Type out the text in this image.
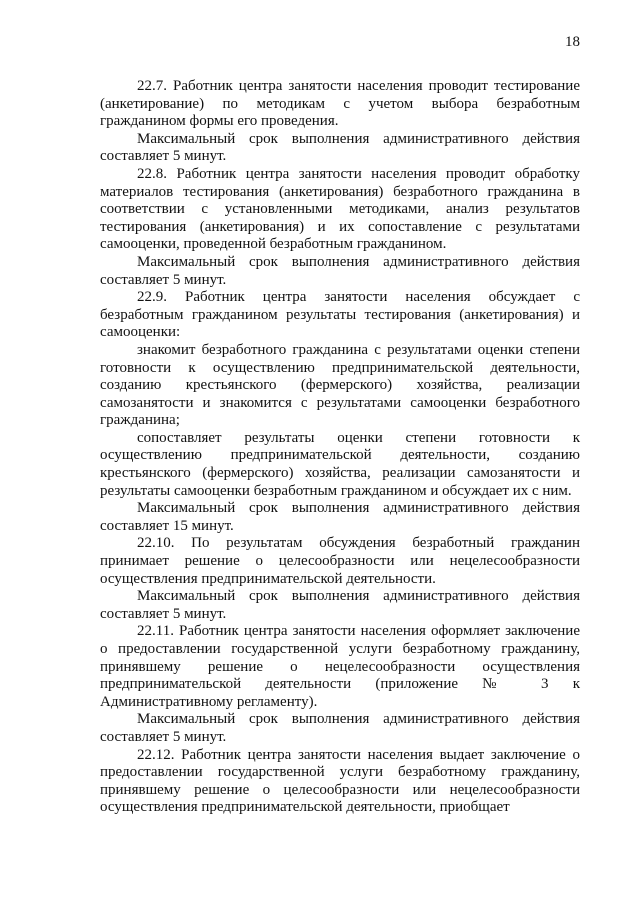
18

22.7. Работник центра занятости населения проводит тестирование (анкетирование) по методикам с учетом выбора безработным гражданином формы его проведения.

Максимальный срок выполнения административного действия составляет 5 минут.

22.8. Работник центра занятости населения проводит обработку материалов тестирования (анкетирования) безработного гражданина в соответствии с установленными методиками, анализ результатов тестирования (анкетирования) и их сопоставление с результатами самооценки, проведенной безработным гражданином.

Максимальный срок выполнения административного действия составляет 5 минут.

22.9. Работник центра занятости населения обсуждает с безработным гражданином результаты тестирования (анкетирования) и самооценки:

знакомит безработного гражданина с результатами оценки степени готовности к осуществлению предпринимательской деятельности, созданию крестьянского (фермерского) хозяйства, реализации самозанятости и знакомится с результатами самооценки безработного гражданина;

сопоставляет результаты оценки степени готовности к осуществлению предпринимательской деятельности, созданию крестьянского (фермерского) хозяйства, реализации самозанятости и результаты самооценки безработным гражданином и обсуждает их с ним.

Максимальный срок выполнения административного действия составляет 15 минут.

22.10. По результатам обсуждения безработный гражданин принимает решение о целесообразности или нецелесообразности осуществления предпринимательской деятельности.

Максимальный срок выполнения административного действия составляет 5 минут.

22.11. Работник центра занятости населения оформляет заключение о предоставлении государственной услуги безработному гражданину, принявшему решение о нецелесообразности осуществления предпринимательской деятельности (приложение № 3 к Административному регламенту).

Максимальный срок выполнения административного действия составляет 5 минут.

22.12. Работник центра занятости населения выдает заключение о предоставлении государственной услуги безработному гражданину, принявшему решение о целесообразности или нецелесообразности осуществления предпринимательской деятельности, приобщает
